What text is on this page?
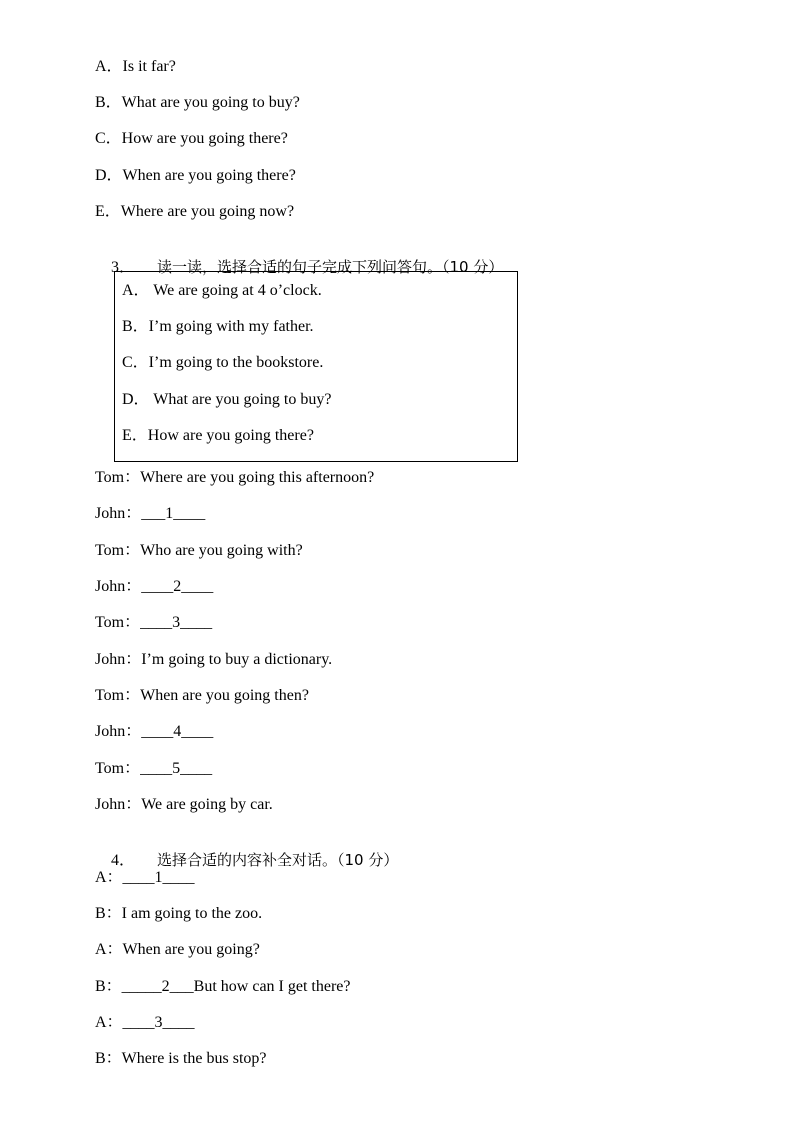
A．Is it far?
B．What are you going to buy?
C．How are you going there?
D．When are you going there?
E．Where are you going now?

3． 读一读，选择合适的句子完成下列问答句。（10 分）

A． We are going at 4 o’clock.
B．I’m going with my father.
C．I’m going to the bookstore.
D． What are you going to buy?
E．How are you going there?
Tom：Where are you going this afternoon?
John：___1____
Tom：Who are you going with?
John：____2____
Tom：____3____
John：I’m going to buy a dictionary.
Tom：When are you going then?
John：____4____
Tom：____5____
John：We are going by car.

4． 选择合适的内容补全对话。（10 分）

A：____1____
B：I am going to the zoo.
A：When are you going?
B：_____2___But how can I get there?
A：____3____
B：Where is the bus stop?
